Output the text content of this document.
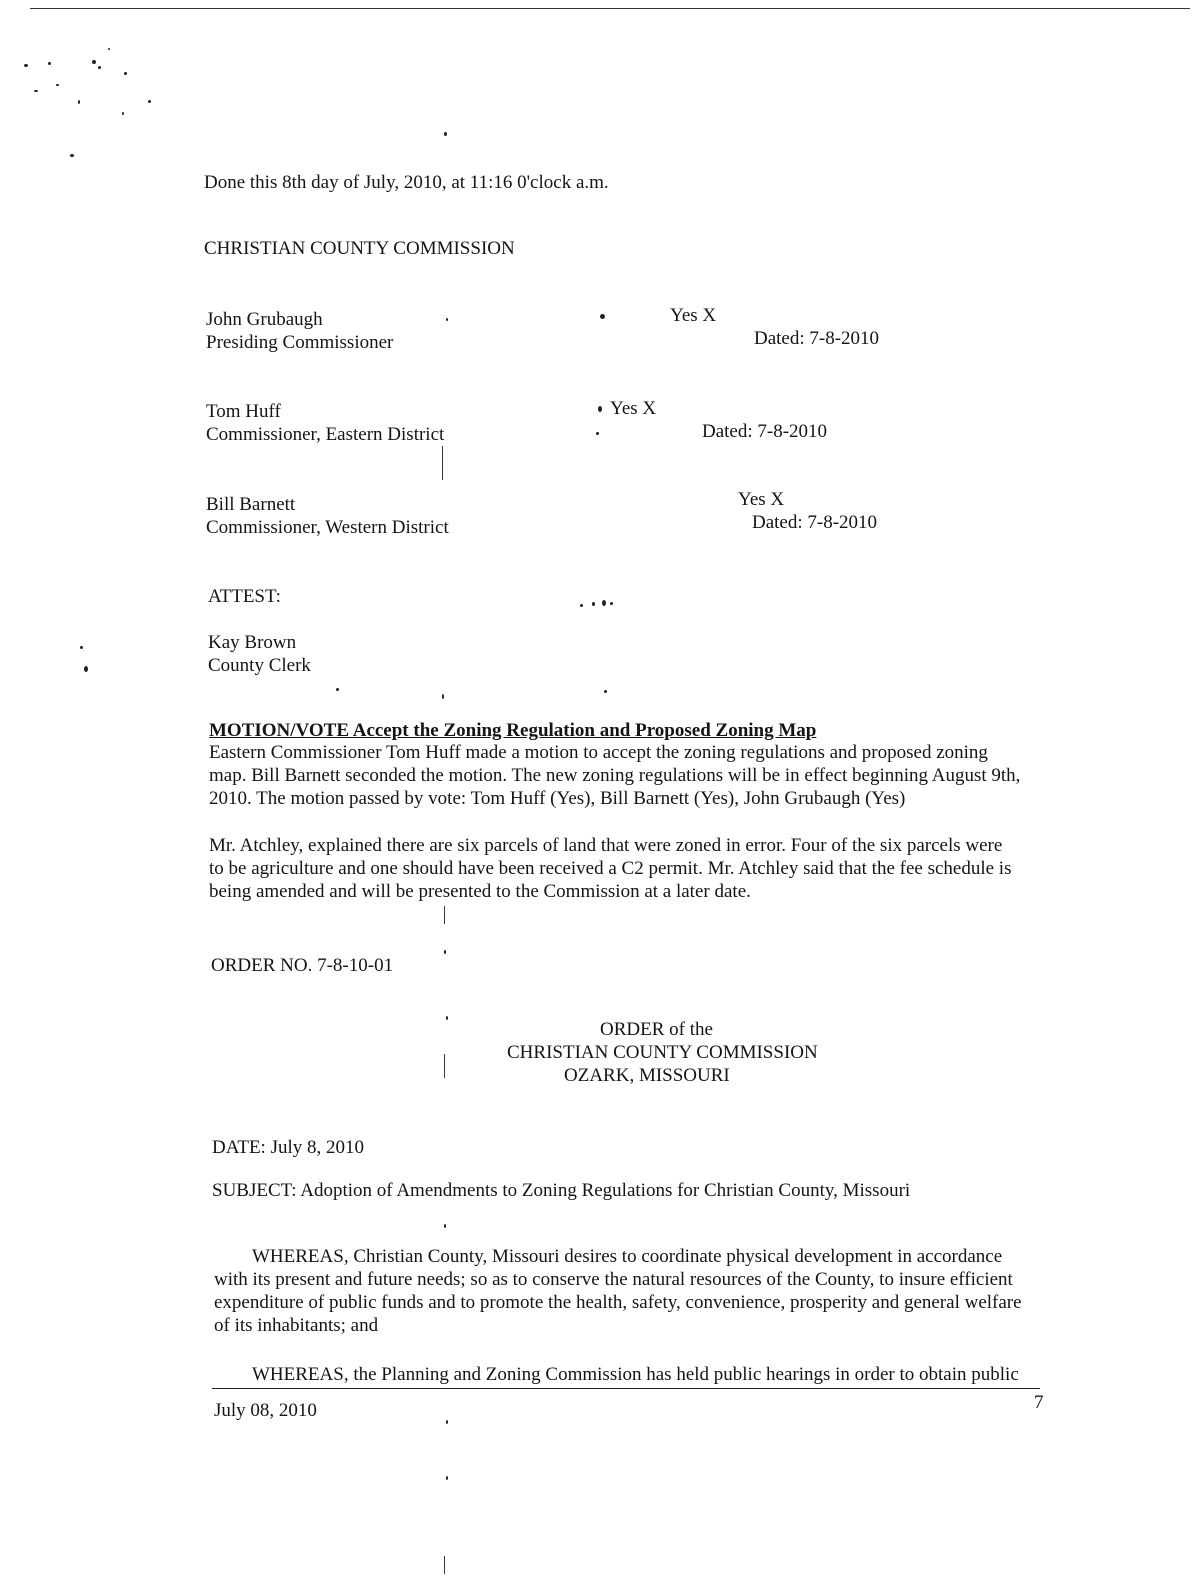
Done this 8th day of July, 2010, at 11:16 0'clock a.m.
CHRISTIAN COUNTY COMMISSION
John Grubaugh
Presiding Commissioner
Yes X
Dated: 7-8-2010
Tom Huff
Commissioner, Eastern District
Yes X
Dated: 7-8-2010
Bill Barnett
Commissioner, Western District
Yes X
Dated: 7-8-2010
ATTEST:
Kay Brown
County Clerk
MOTION/VOTE Accept the Zoning Regulation and Proposed Zoning Map
Eastern Commissioner Tom Huff made a motion to accept the zoning regulations and proposed zoning
map. Bill Barnett seconded the motion. The new zoning regulations will be in effect beginning August 9th,
2010. The motion passed by vote: Tom Huff (Yes), Bill Barnett (Yes), John Grubaugh (Yes)
Mr. Atchley, explained there are six parcels of land that were zoned in error. Four of the six parcels were
to be agriculture and one should have been received a C2 permit. Mr. Atchley said that the fee schedule is
being amended and will be presented to the Commission at a later date.
ORDER NO. 7-8-10-01
ORDER of the
CHRISTIAN COUNTY COMMISSION
OZARK, MISSOURI
DATE: July 8, 2010
SUBJECT: Adoption of Amendments to Zoning Regulations for Christian County, Missouri
WHEREAS, Christian County, Missouri desires to coordinate physical development in accordance
with its present and future needs; so as to conserve the natural resources of the County, to insure efficient
expenditure of public funds and to promote the health, safety, convenience, prosperity and general welfare
of its inhabitants; and
WHEREAS, the Planning and Zoning Commission has held public hearings in order to obtain public
July 08, 2010	7
